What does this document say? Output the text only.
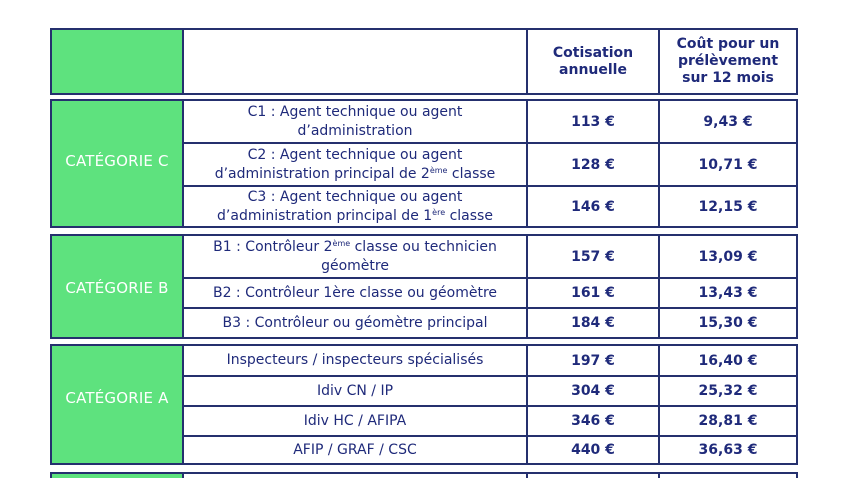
Cotisation annuelle
Coût pour un prélèvement sur 12 mois
CATÉGORIE C
C1 : Agent technique ou agent
d’administration
113 €	9,43 €
C2 : Agent technique ou agent
d’administration principal de 2ème classe
128 €	10,71 €
C3 : Agent technique ou agent
d’administration principal de 1ère classe
146 €	12,15 €
CATÉGORIE B
B1 : Contrôleur 2ème classe ou technicien
géomètre
157 €	13,09 €
B2 : Contrôleur 1ère classe ou géomètre	161 €	13,43 €
B3 : Contrôleur ou géomètre principal	184 €	15,30 €
CATÉGORIE A
Inspecteurs / inspecteurs spécialisés	197 €	16,40 €
Idiv CN / IP	304 €	25,32 €
Idiv HC / AFIPA	346 €	28,81 €
AFIP / GRAF / CSC	440 €	36,63 €
